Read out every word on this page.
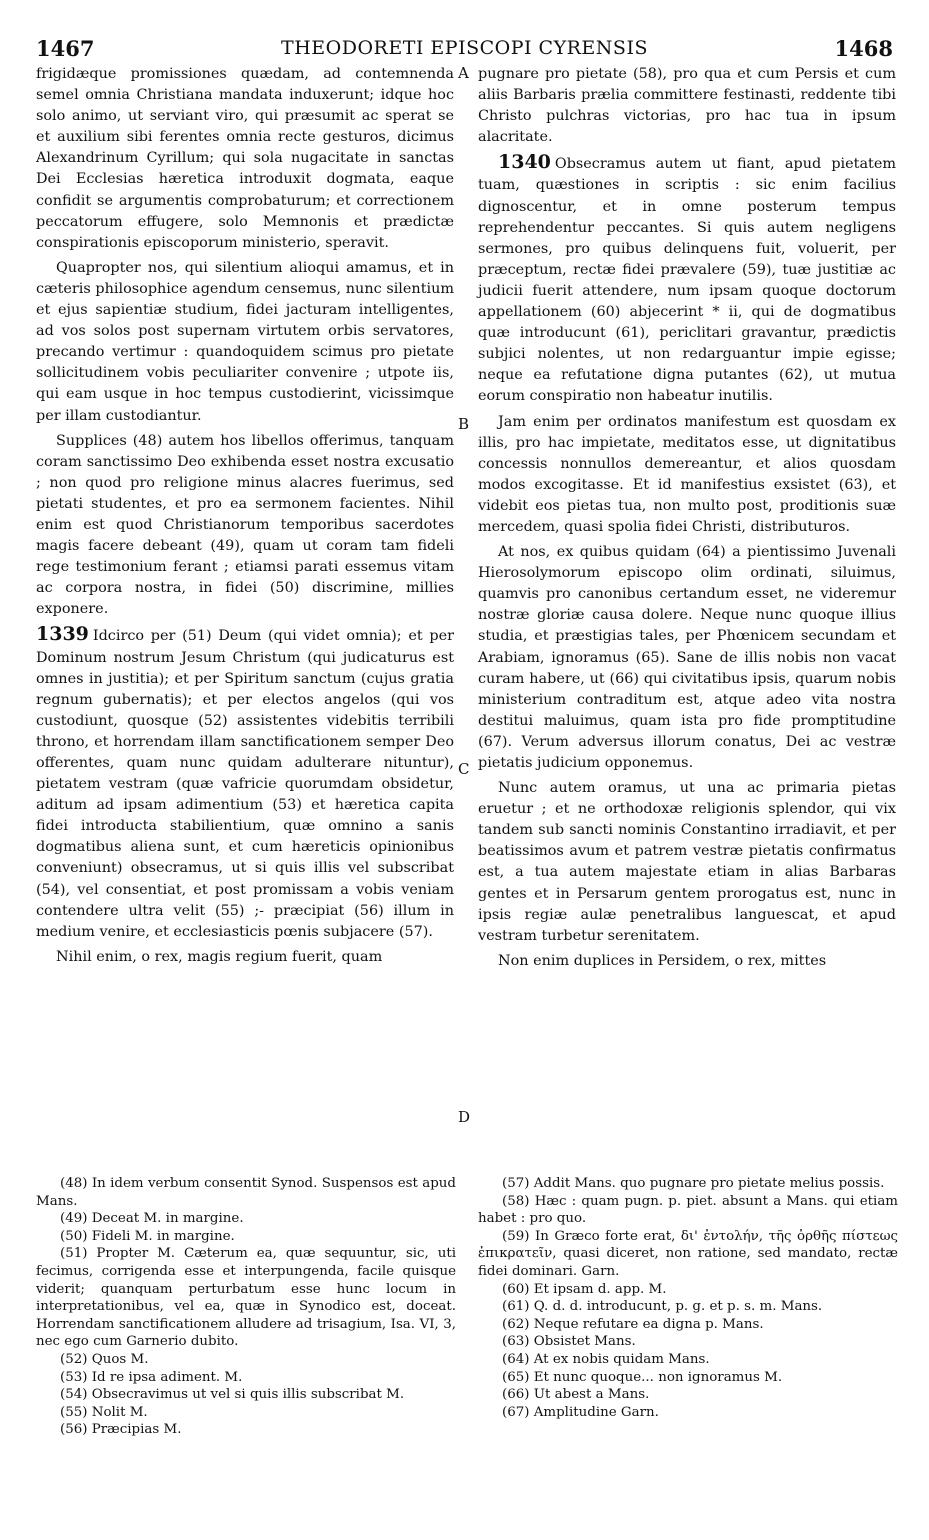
1467	THEODORETI EPISCOPI CYRENSIS	1468
A
B
C
D

frigidæque promissiones quædam, ad contemnenda semel omnia Christiana mandata induxerunt; idque hoc solo animo, ut serviant viro, qui præsumit ac sperat se et auxilium sibi ferentes omnia recte gesturos, dicimus Alexandrinum Cyrillum; qui sola nugacitate in sanctas Dei Ecclesias hæretica introduxit dogmata, eaque confidit se argumentis comprobaturum; et correctionem peccatorum effugere, solo Memnonis et prædictæ conspirationis episcoporum ministerio, speravit.

Quapropter nos, qui silentium alioqui amamus, et in cæteris philosophice agendum censemus, nunc silentium et ejus sapientiæ studium, fidei jacturam intelligentes, ad vos solos post supernam virtutem orbis servatores, precando vertimur : quandoquidem scimus pro pietate sollicitudinem vobis peculiariter convenire ; utpote iis, qui eam usque in hoc tempus custodierint, vicissimque per illam custodiantur.

Supplices (48) autem hos libellos offerimus, tanquam coram sanctissimo Deo exhibenda esset nostra excusatio ; non quod pro religione minus alacres fuerimus, sed pietati studentes, et pro ea sermonem facientes. Nihil enim est quod Christianorum temporibus sacerdotes magis facere debeant (49), quam ut coram tam fideli rege testimonium ferant ; etiamsi parati essemus vitam ac corpora nostra, in fidei (50) discrimine, millies exponere.

1339 Idcirco per (51) Deum (qui videt omnia); et per Dominum nostrum Jesum Christum (qui judicaturus est omnes in justitia); et per Spiritum sanctum (cujus gratia regnum gubernatis); et per electos angelos (qui vos custodiunt, quosque (52) assistentes videbitis terribili throno, et horrendam illam sanctificationem semper Deo offerentes, quam nunc quidam adulterare nituntur), pietatem vestram (quæ vafricie quorumdam obsidetur, aditum ad ipsam adimentium (53) et hæretica capita fidei introducta stabilientium, quæ omnino a sanis dogmatibus aliena sunt, et cum hæreticis opinionibus conveniunt) obsecramus, ut si quis illis vel subscribat (54), vel consentiat, et post promissam a vobis veniam contendere ultra velit (55) ;- præcipiat (56) illum in medium venire, et ecclesiasticis pœnis subjacere (57).

Nihil enim, o rex, magis regium fuerit, quam

pugnare pro pietate (58), pro qua et cum Persis et cum aliis Barbaris prælia committere festinasti, reddente tibi Christo pulchras victorias, pro hac tua in ipsum alacritate.

1340 Obsecramus autem ut fiant, apud pietatem tuam, quæstiones in scriptis : sic enim facilius dignoscentur, et in omne posterum tempus reprehendentur peccantes. Si quis autem negligens sermones, pro quibus delinquens fuit, voluerit, per præceptum, rectæ fidei prævalere (59), tuæ justitiæ ac judicii fuerit attendere, num ipsam quoque doctorum appellationem (60) abjecerint * ii, qui de dogmatibus quæ introducunt (61), periclitari gravantur, prædictis subjici nolentes, ut non redarguantur impie egisse; neque ea refutatione digna putantes (62), ut mutua eorum conspiratio non habeatur inutilis.

Jam enim per ordinatos manifestum est quosdam ex illis, pro hac impietate, meditatos esse, ut dignitatibus concessis nonnullos demereantur, et alios quosdam modos excogitasse. Et id manifestius exsistet (63), et videbit eos pietas tua, non multo post, proditionis suæ mercedem, quasi spolia fidei Christi, distributuros.

At nos, ex quibus quidam (64) a pientissimo Juvenali Hierosolymorum episcopo olim ordinati, siluimus, quamvis pro canonibus certandum esset, ne videremur nostræ gloriæ causa dolere. Neque nunc quoque illius studia, et præstigias tales, per Phœnicem secundam et Arabiam, ignoramus (65). Sane de illis nobis non vacat curam habere, ut (66) qui civitatibus ipsis, quarum nobis ministerium contraditum est, atque adeo vita nostra destitui maluimus, quam ista pro fide promptitudine (67). Verum adversus illorum conatus, Dei ac vestræ pietatis judicium opponemus.

Nunc autem oramus, ut una ac primaria pietas eruetur ; et ne orthodoxæ religionis splendor, qui vix tandem sub sancti nominis Constantino irradiavit, et per beatissimos avum et patrem vestræ pietatis confirmatus est, a tua autem majestate etiam in alias Barbaras gentes et in Persarum gentem prorogatus est, nunc in ipsis regiæ aulæ penetralibus languescat, et apud vestram turbetur serenitatem.

Non enim duplices in Persidem, o rex, mittes

(48) In idem verbum consentit Synod. Suspensos est apud Mans.
(49) Deceat M. in margine.
(50) Fideli M. in margine.
(51) Propter M. Cæterum ea, quæ sequuntur, sic, uti fecimus, corrigenda esse et interpungenda, facile quisque viderit; quanquam perturbatum esse hunc locum in interpretationibus, vel ea, quæ in Synodico est, doceat. Horrendam sanctificationem alludere ad trisagium, Isa. VI, 3, nec ego cum Garnerio dubito.
(52) Quos M.
(53) Id re ipsa adiment. M.
(54) Obsecravimus ut vel si quis illis subscribat M.
(55) Nolit M.
(56) Præcipias M.
(57) Addit Mans. quo pugnare pro pietate melius possis.
(58) Hæc : quam pugn. p. piet. absunt a Mans. qui etiam habet : pro quo.
(59) In Græco forte erat, δι' ἐντολήν, τῆς ὀρθῆς πίστεως ἐπικρατεῖν, quasi diceret, non ratione, sed mandato, rectæ fidei dominari. Garn.
(60) Et ipsam d. app. M.
(61) Q. d. d. introducunt, p. g. et p. s. m. Mans.
(62) Neque refutare ea digna p. Mans.
(63) Obsistet Mans.
(64) At ex nobis quidam Mans.
(65) Et nunc quoque... non ignoramus M.
(66) Ut abest a Mans.
(67) Amplitudine Garn.
